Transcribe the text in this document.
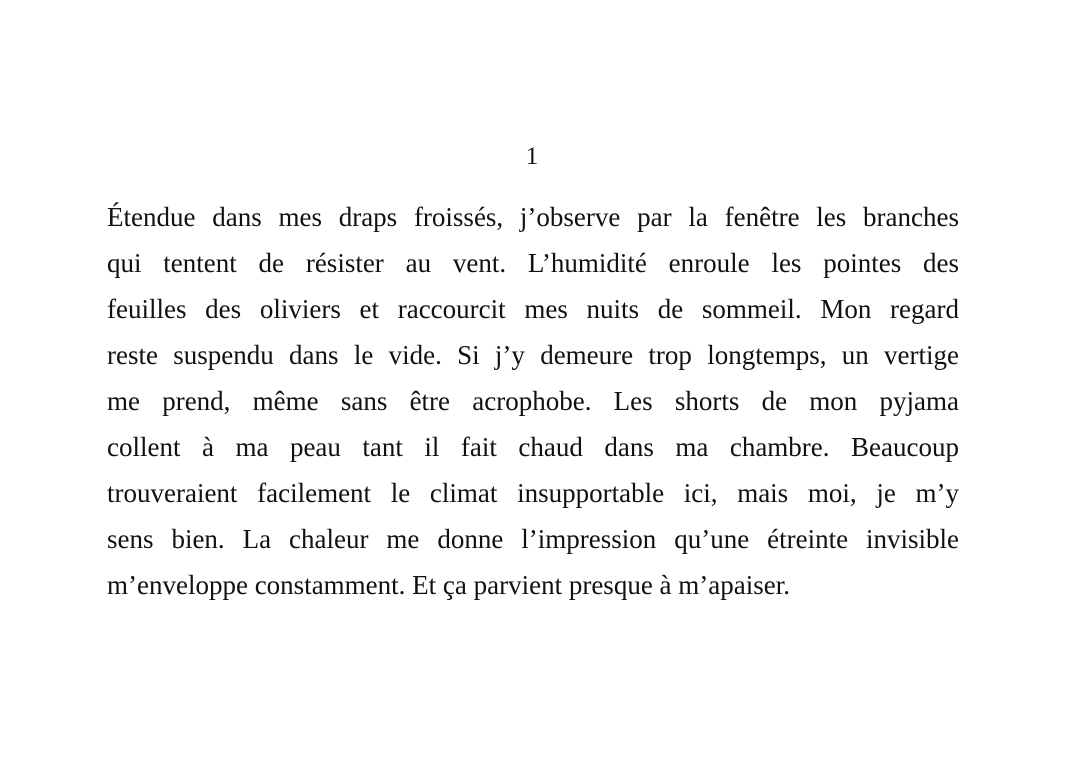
1
Étendue dans mes draps froissés, j’observe par la fenêtre les branches
qui tentent de résister au vent. L’humidité enroule les pointes des
feuilles des oliviers et raccourcit mes nuits de sommeil. Mon regard
reste suspendu dans le vide. Si j’y demeure trop longtemps, un vertige
me prend, même sans être acrophobe. Les shorts de mon pyjama
collent à ma peau tant il fait chaud dans ma chambre. Beaucoup
trouveraient facilement le climat insupportable ici, mais moi, je m’y
sens bien. La chaleur me donne l’impression qu’une étreinte invisible
m’enveloppe constamment. Et ça parvient presque à m’apaiser.
